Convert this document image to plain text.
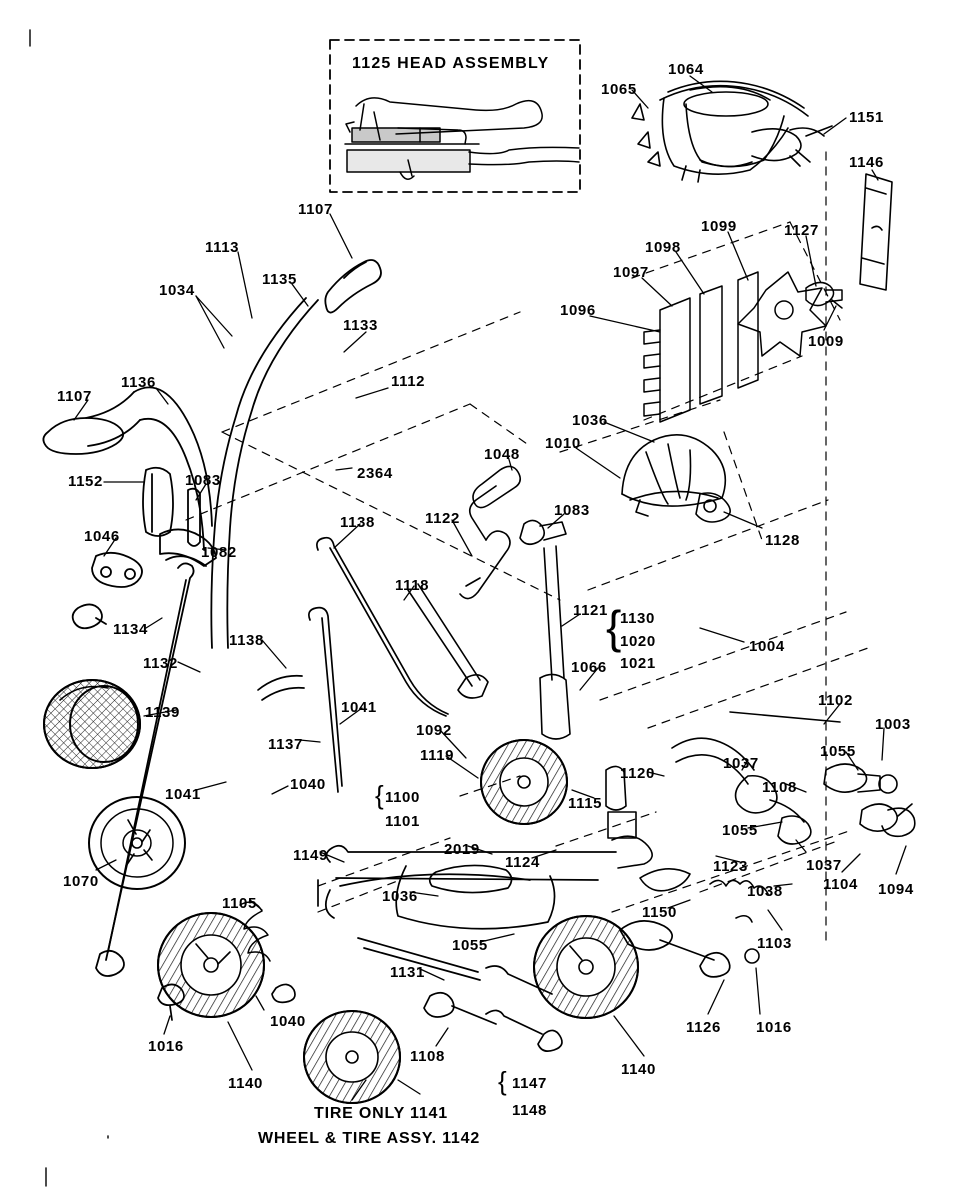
1125 HEAD ASSEMBLY
TIRE ONLY 1141
WHEEL & TIRE ASSY. 1142
{
{
{
1107
1113
1135
1034
1133
1112
1136
1107
1152	1083	2364
1046
1082
1134
1132
1138
1138
1118
1122
1048
1083
1121 1130
1020
1021
1004
1066
1102
1003
1055
1037
1108
1120
1092
1119
1115
1055
1037
1123
1038	1104 1094
1150
1103
1100
1101
2019
1124
1149
1036
1055
1131
1105
1040
1016
1140
1108
1147
1148
1140
1126 1016
1070
1041
1040
1137
1041
1139
1065
1064
1151
1146
1099	1127
1098
1097
1009
1096
1036
1010
1128
